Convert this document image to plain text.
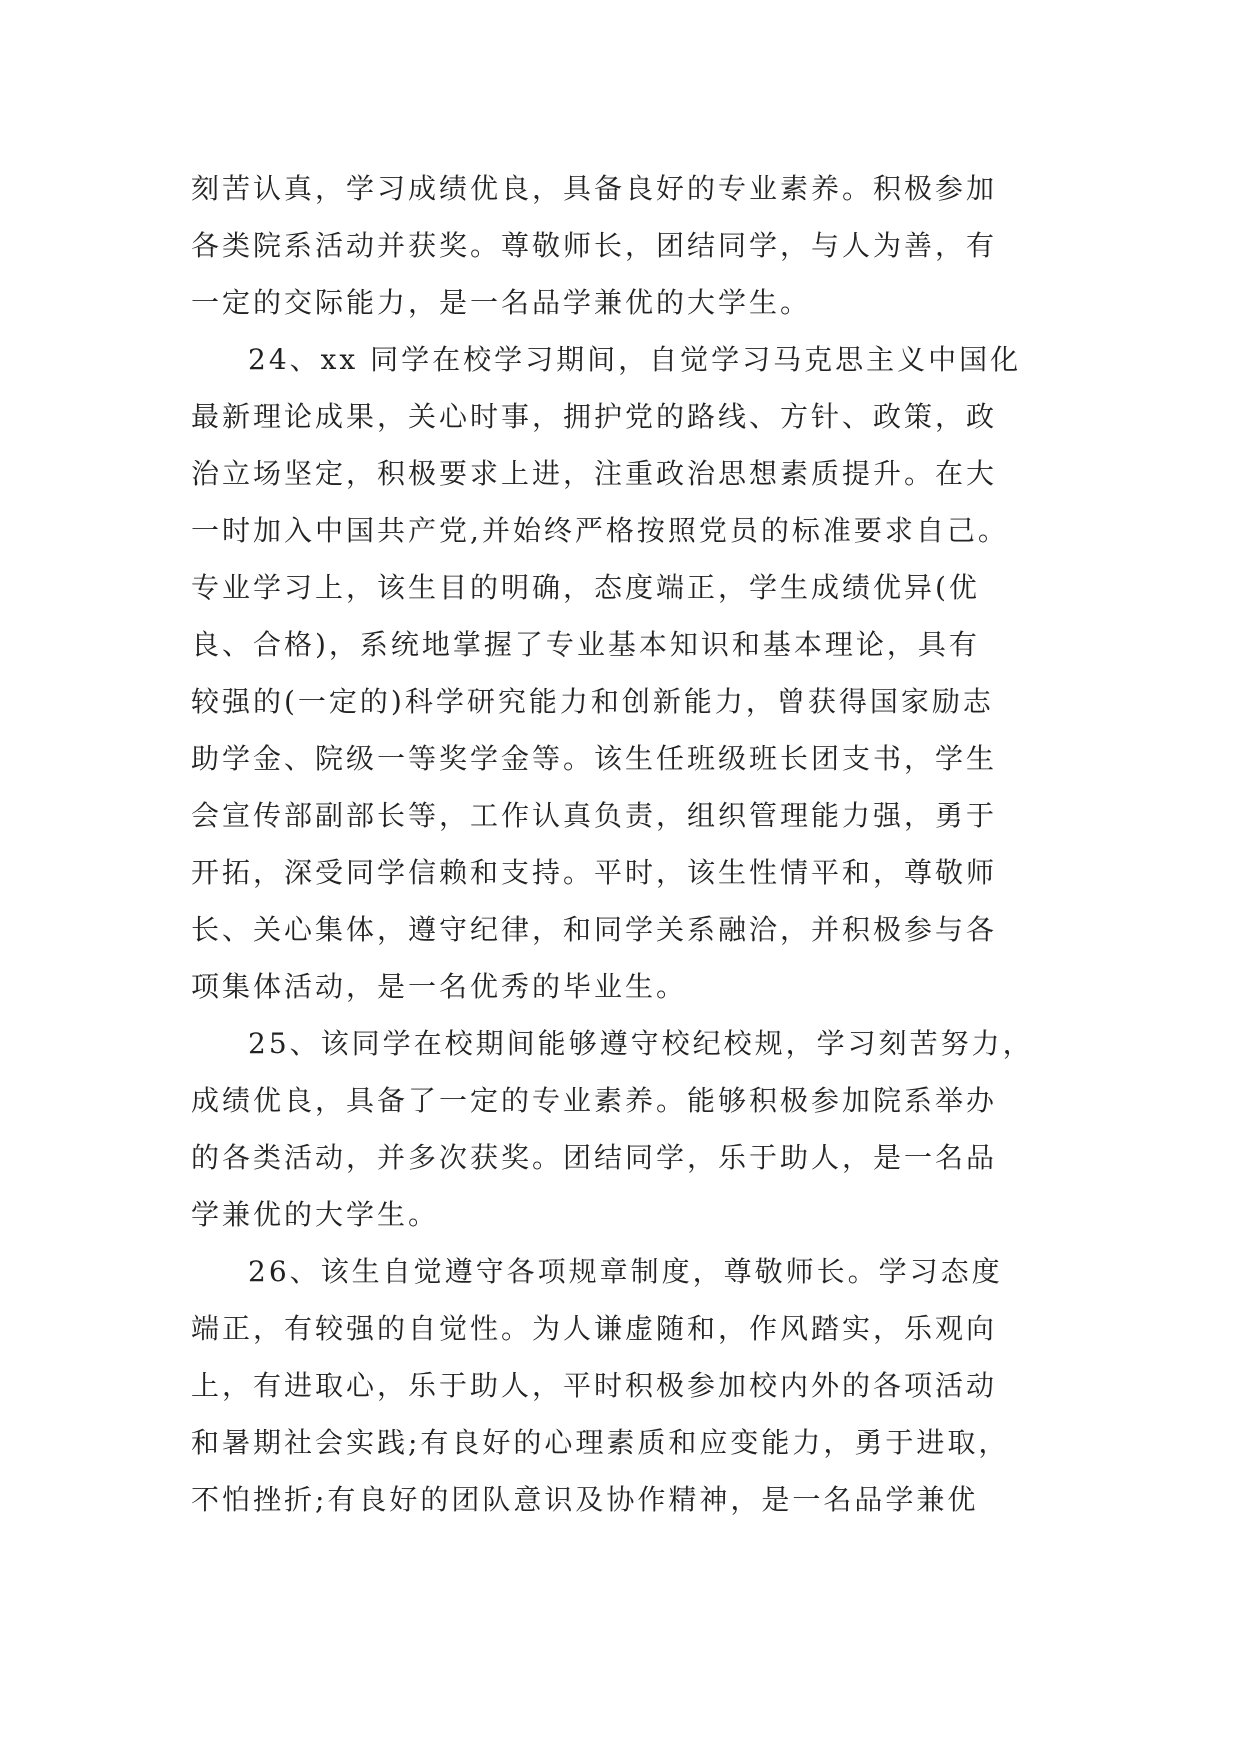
刻苦认真，学习成绩优良，具备良好的专业素养。积极参加
各类院系活动并获奖。尊敬师长，团结同学，与人为善，有
一定的交际能力，是一名品学兼优的大学生。
24、xx 同学在校学习期间，自觉学习马克思主义中国化
最新理论成果，关心时事，拥护党的路线、方针、政策，政
治立场坚定，积极要求上进，注重政治思想素质提升。在大
一时加入中国共产党,并始终严格按照党员的标准要求自己。
专业学习上，该生目的明确，态度端正，学生成绩优异(优
良、合格)，系统地掌握了专业基本知识和基本理论，具有
较强的(一定的)科学研究能力和创新能力，曾获得国家励志
助学金、院级一等奖学金等。该生任班级班长团支书，学生
会宣传部副部长等，工作认真负责，组织管理能力强，勇于
开拓，深受同学信赖和支持。平时，该生性情平和，尊敬师
长、关心集体，遵守纪律，和同学关系融洽，并积极参与各
项集体活动，是一名优秀的毕业生。
25、该同学在校期间能够遵守校纪校规，学习刻苦努力，
成绩优良，具备了一定的专业素养。能够积极参加院系举办
的各类活动，并多次获奖。团结同学，乐于助人，是一名品
学兼优的大学生。
26、该生自觉遵守各项规章制度，尊敬师长。学习态度
端正，有较强的自觉性。为人谦虚随和，作风踏实，乐观向
上，有进取心，乐于助人，平时积极参加校内外的各项活动
和暑期社会实践;有良好的心理素质和应变能力，勇于进取，
不怕挫折;有良好的团队意识及协作精神，是一名品学兼优
